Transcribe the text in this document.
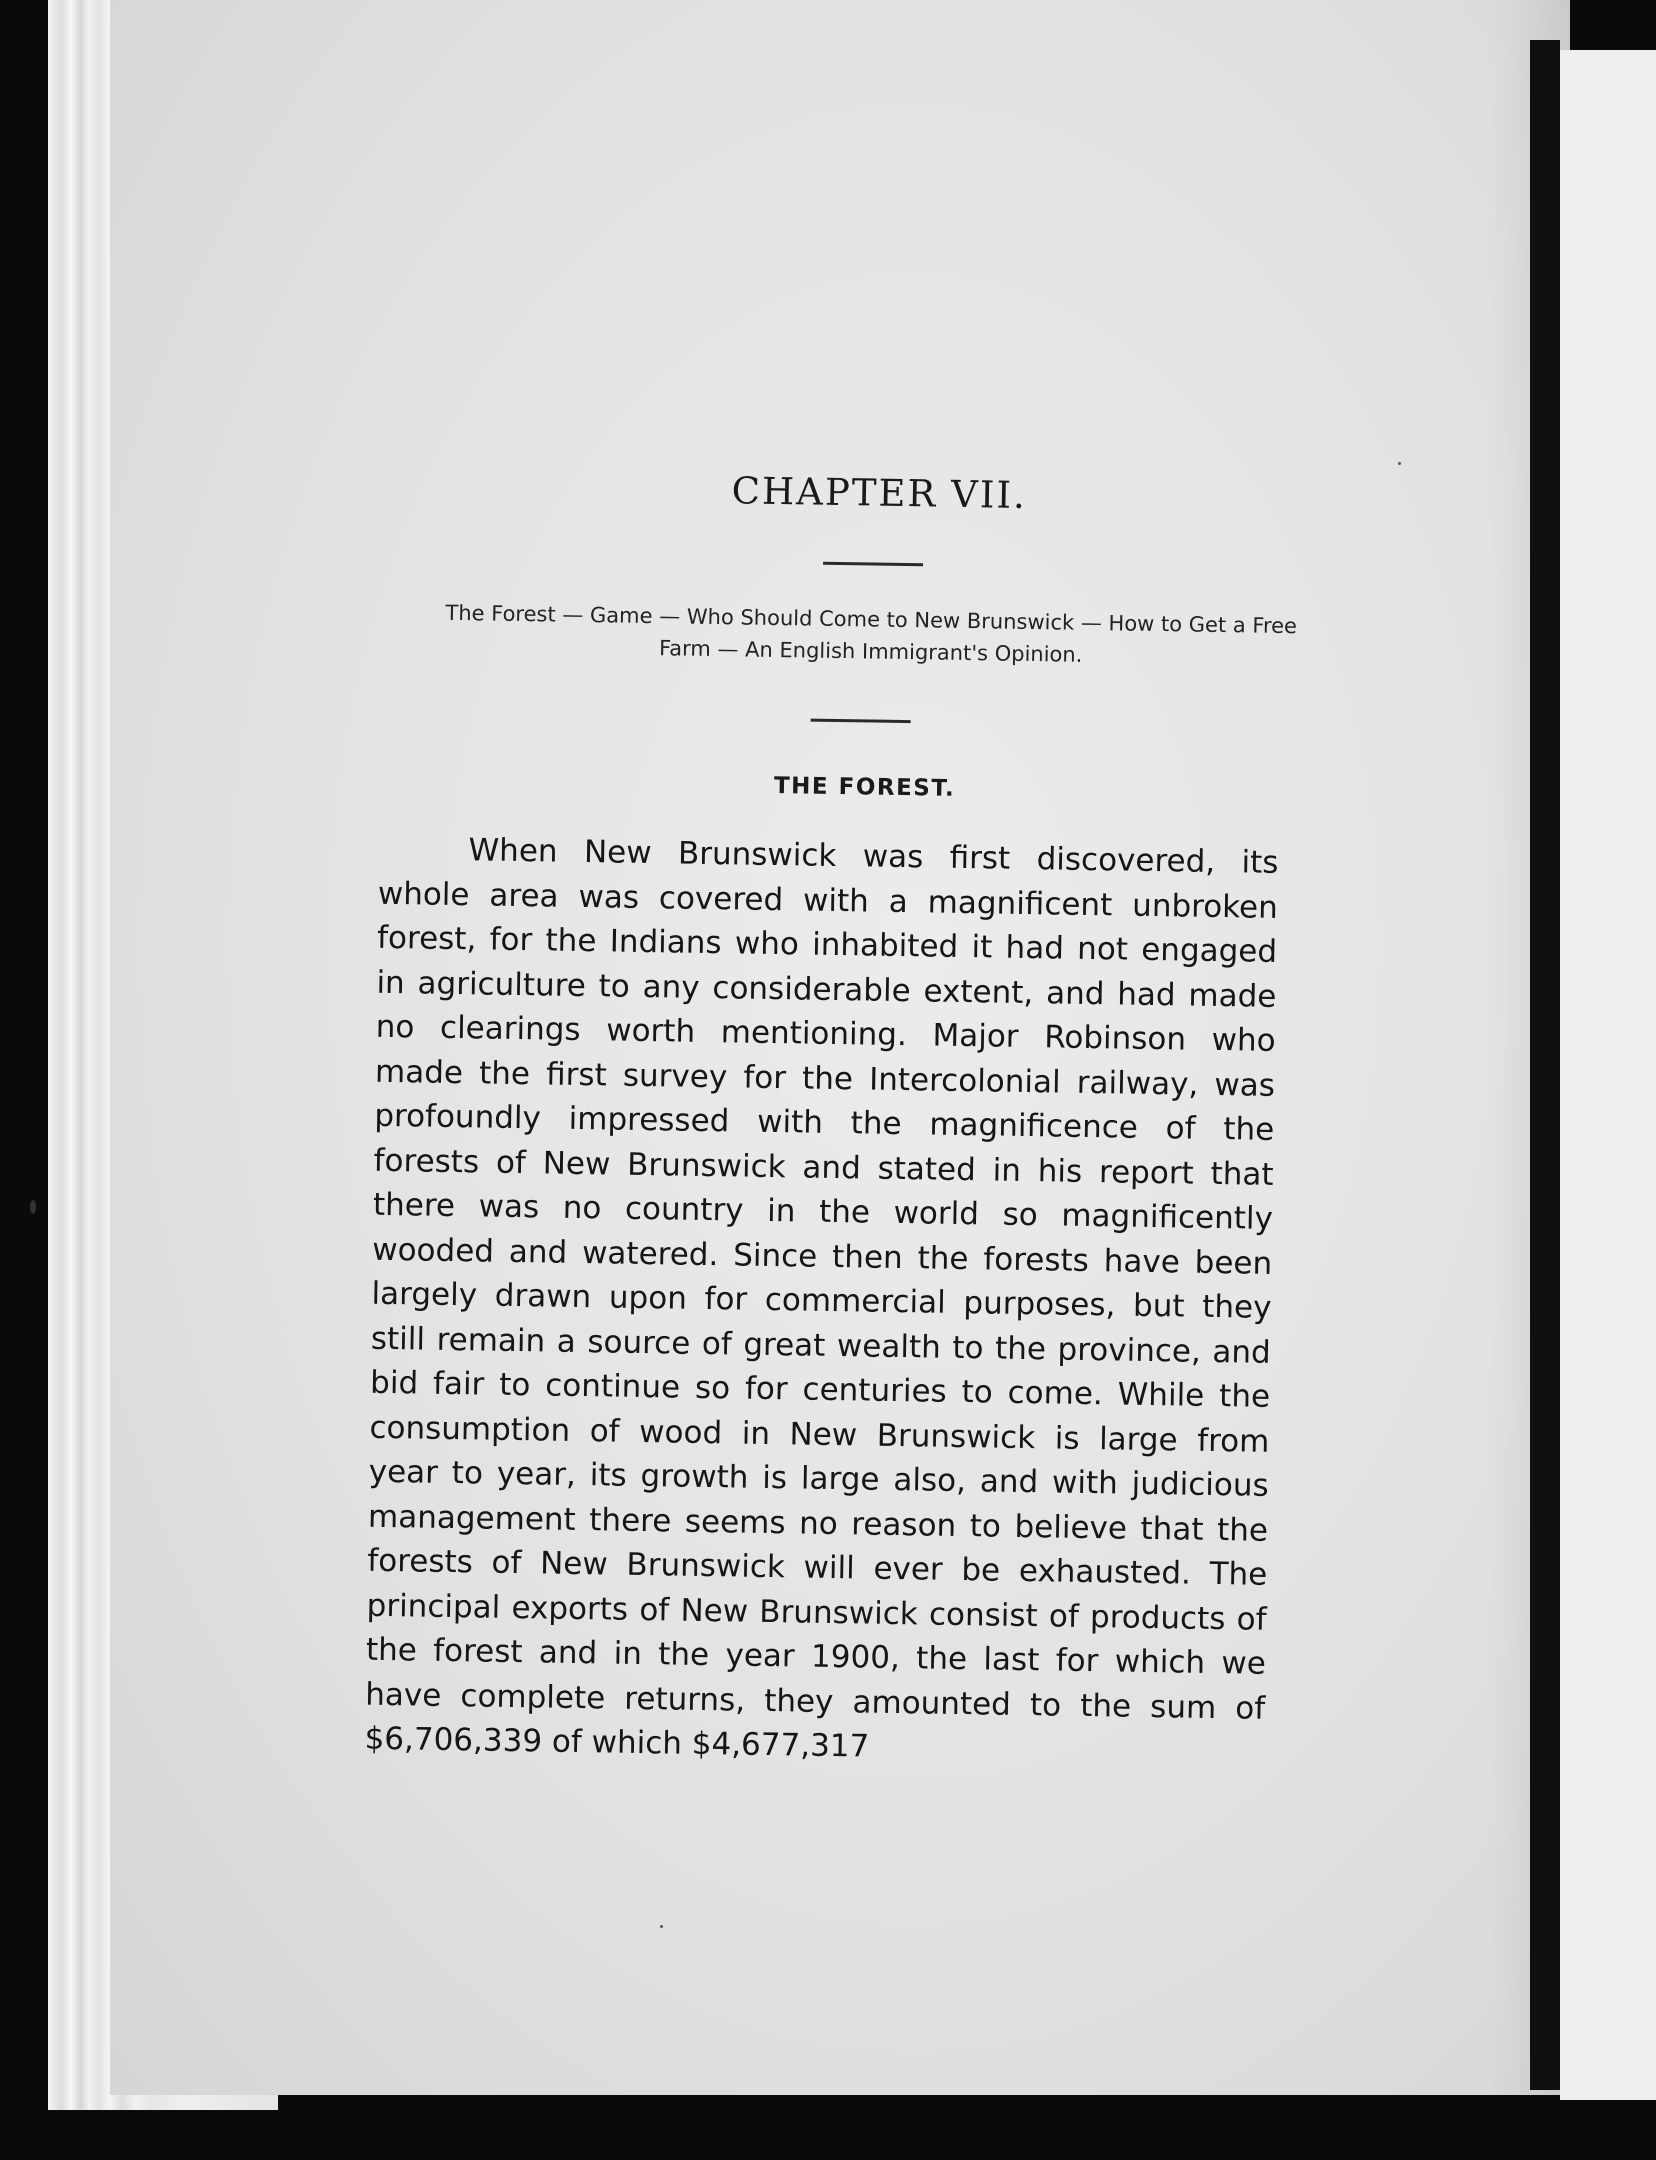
CHAPTER VII.
The Forest — Game — Who Should Come to New Brunswick — How to Get a Free Farm — An English Immigrant's Opinion.
THE FOREST.

When New Brunswick was first discovered, its whole area was covered with a magnificent unbroken forest, for the Indians who inhabited it had not engaged in agriculture to any considerable extent, and had made no clearings worth mentioning. Major Robinson who made the first survey for the Intercolonial railway, was profoundly impressed with the magnificence of the forests of New Brunswick and stated in his report that there was no country in the world so magnificently wooded and watered. Since then the forests have been largely drawn upon for commercial purposes, but they still remain a source of great wealth to the province, and bid fair to continue so for centuries to come. While the consumption of wood in New Brunswick is large from year to year, its growth is large also, and with judicious management there seems no reason to believe that the forests of New Brunswick will ever be exhausted. The principal exports of New Brunswick consist of products of the forest and in the year 1900, the last for which we have complete returns, they amounted to the sum of $6,706,339 of which $4,677,317
